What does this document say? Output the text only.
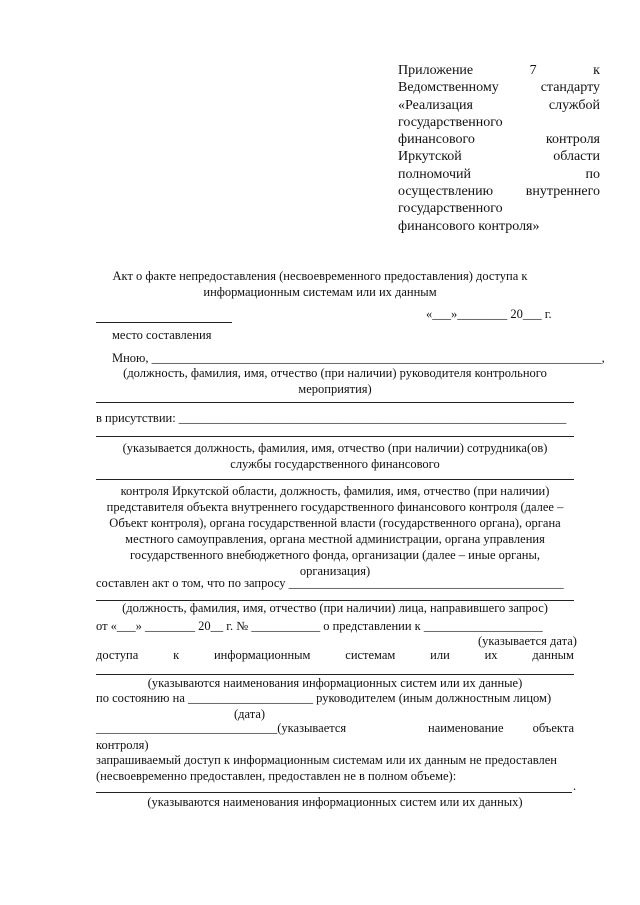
Приложение	7	к
Ведомственному	стандарту
«Реализация	службой
государственного
финансового	контроля
Иркутской	области
полномочий	по
осуществлению внутреннего
государственного
финансового контроля»
Акт о факте непредоставления (несвоевременного предоставления) доступа к
информационным системам или их данным
«___»________ 20___ г.
место составления
Мною, ________________________________________________________________________,
(должность, фамилия, имя, отчество (при наличии) руководителя контрольного
мероприятия)
в присутствии: ______________________________________________________________
(указывается должность, фамилия, имя, отчество (при наличии) сотрудника(ов)
службы государственного финансового
контроля Иркутской области, должность, фамилия, имя, отчество (при наличии)
представителя объекта внутреннего государственного финансового контроля (далее –
Объект контроля), органа государственной власти (государственного органа), органа
местного самоуправления, органа местной администрации, органа управления
государственного внебюджетного фонда, организации (далее – иные органы,
организация)
составлен акт о том, что по запросу ____________________________________________
(должность, фамилия, имя, отчество (при наличии) лица, направившего запрос)
от «___» ________ 20__ г. № ___________ о представлении к ___________________
(указывается дата)
доступа	к	информационным	системам	или	их	данным
(указываются наименования информационных систем или их данные)
по состоянию на ____________________ руководителем (иным должностным лицом)
(дата)
_____________________________(указывается	наименование объекта
контроля)
запрашиваемый доступ к информационным системам или их данным не предоставлен
(несвоевременно предоставлен, предоставлен не в полном объеме):
.
(указываются наименования информационных систем или их данных)
